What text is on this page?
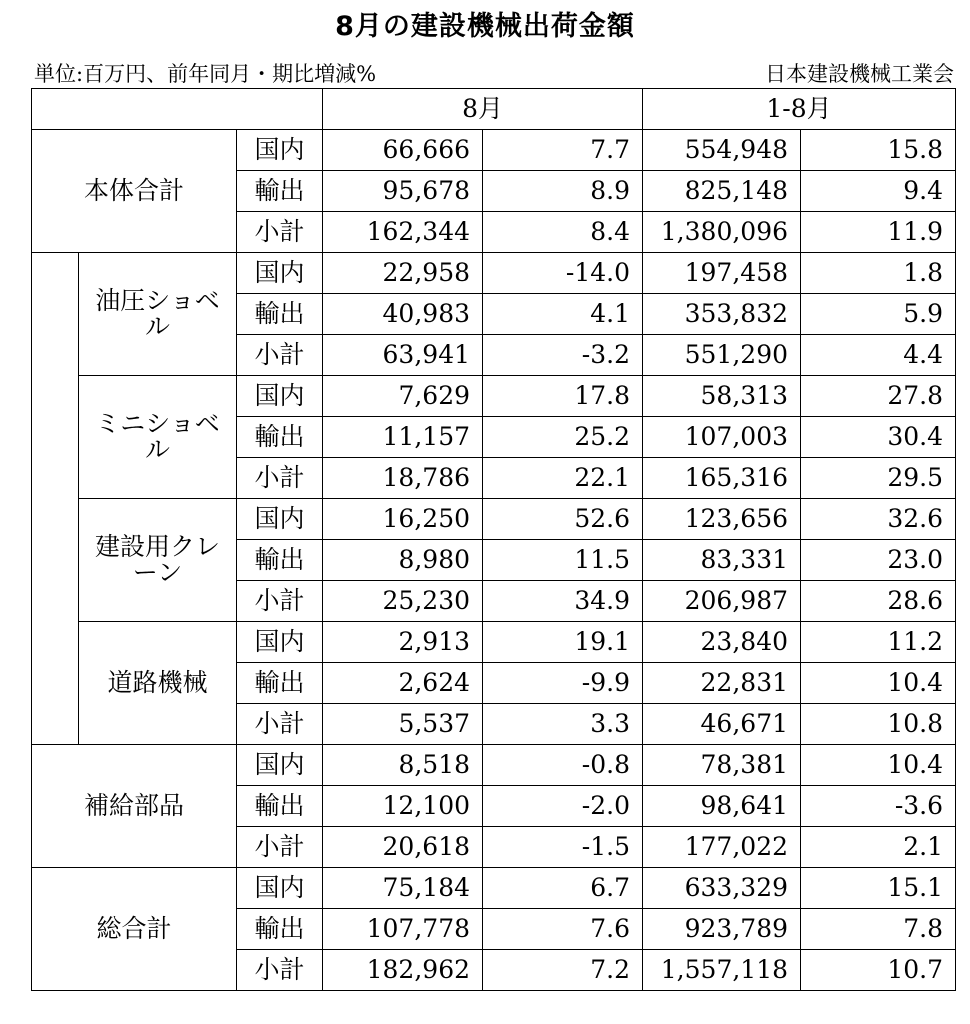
8月の建設機械出荷金額
単位:百万円、前年同月・期比増減%	日本建設機械工業会
			8月		1-8月	
本体合計		国内	66,666	7.7	554,948	15.8
		輸出	95,678	8.9	825,148	9.4
		小計	162,344	8.4	1,380,096	11.9
	油圧ショベル	国内	22,958	-14.0	197,458	1.8
		輸出	40,983	4.1	353,832	5.9
		小計	63,941	-3.2	551,290	4.4
	ミニショベル	国内	7,629	17.8	58,313	27.8
		輸出	11,157	25.2	107,003	30.4
		小計	18,786	22.1	165,316	29.5
	建設用クレーン	国内	16,250	52.6	123,656	32.6
		輸出	8,980	11.5	83,331	23.0
		小計	25,230	34.9	206,987	28.6
	道路機械	国内	2,913	19.1	23,840	11.2
		輸出	2,624	-9.9	22,831	10.4
		小計	5,537	3.3	46,671	10.8
補給部品		国内	8,518	-0.8	78,381	10.4
		輸出	12,100	-2.0	98,641	-3.6
		小計	20,618	-1.5	177,022	2.1
総合計		国内	75,184	6.7	633,329	15.1
		輸出	107,778	7.6	923,789	7.8
		小計	182,962	7.2	1,557,118	10.7
